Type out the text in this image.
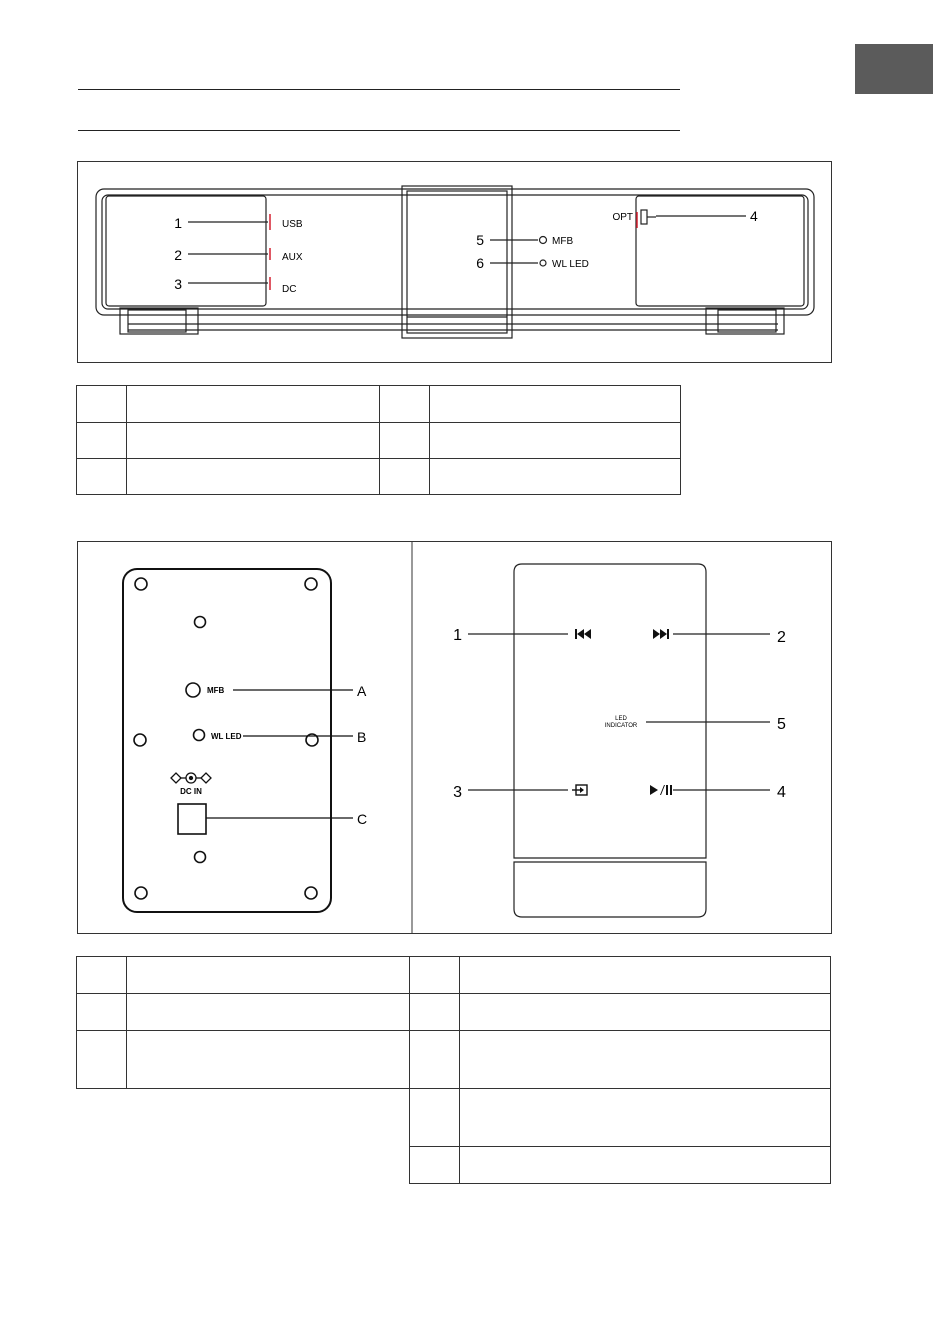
1
2
3
USB
AUX
DC
5
6
MFB
WL LED
OPT	4

MFB
WL LED
DC IN
A
B
C
LED
INDICATOR
1	2
3	4
5
